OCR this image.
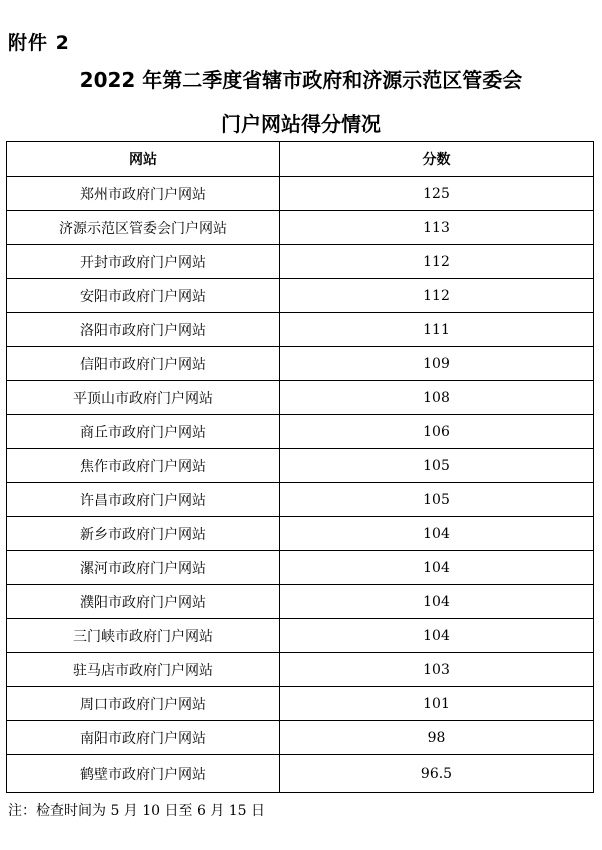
附件 2
2022 年第二季度省辖市政府和济源示范区管委会
门户网站得分情况
网站	分数
郑州市政府门户网站	125
济源示范区管委会门户网站	113
开封市政府门户网站	112
安阳市政府门户网站	112
洛阳市政府门户网站	111
信阳市政府门户网站	109
平顶山市政府门户网站	108
商丘市政府门户网站	106
焦作市政府门户网站	105
许昌市政府门户网站	105
新乡市政府门户网站	104
漯河市政府门户网站	104
濮阳市政府门户网站	104
三门峡市政府门户网站	104
驻马店市政府门户网站	103
周口市政府门户网站	101
南阳市政府门户网站	98
鹤壁市政府门户网站	96.5
注：检查时间为 5 月 10 日至 6 月 15 日
